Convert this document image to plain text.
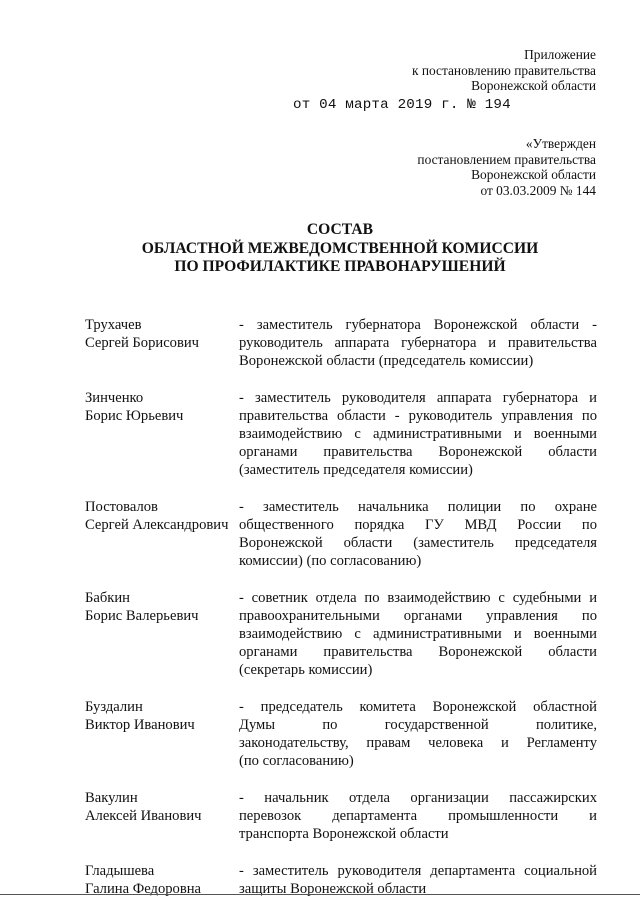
Приложение
к постановлению правительства
Воронежской области
от 04 марта 2019 г. № 194
«Утвержден
постановлением правительства
Воронежской области
от 03.03.2009 № 144
СОСТАВ
ОБЛАСТНОЙ МЕЖВЕДОМСТВЕННОЙ КОМИССИИ
ПО ПРОФИЛАКТИКЕ ПРАВОНАРУШЕНИЙ
Трухачев
Сергей Борисович
- заместитель губернатора Воронежской области -
руководитель аппарата губернатора и правительства
Воронежской области (председатель комиссии)
Зинченко
Борис Юрьевич
- заместитель руководителя аппарата губернатора и
правительства области - руководитель управления по
взаимодействию с административными и военными
органами правительства Воронежской области
(заместитель председателя комиссии)
Постовалов
Сергей Александрович
- заместитель начальника полиции по охране
общественного порядка ГУ МВД России по
Воронежской области (заместитель председателя
комиссии) (по согласованию)
Бабкин
Борис Валерьевич
- советник отдела по взаимодействию с судебными и
правоохранительными органами управления по
взаимодействию с административными и военными
органами правительства Воронежской области
(секретарь комиссии)
Буздалин
Виктор Иванович
- председатель комитета Воронежской областной
Думы по государственной политике,
законодательству, правам человека и Регламенту
(по согласованию)
Вакулин
Алексей Иванович
- начальник отдела организации пассажирских
перевозок департамента промышленности и
транспорта Воронежской области
Гладышева
Галина Федоровна
- заместитель руководителя департамента социальной
защиты Воронежской области
